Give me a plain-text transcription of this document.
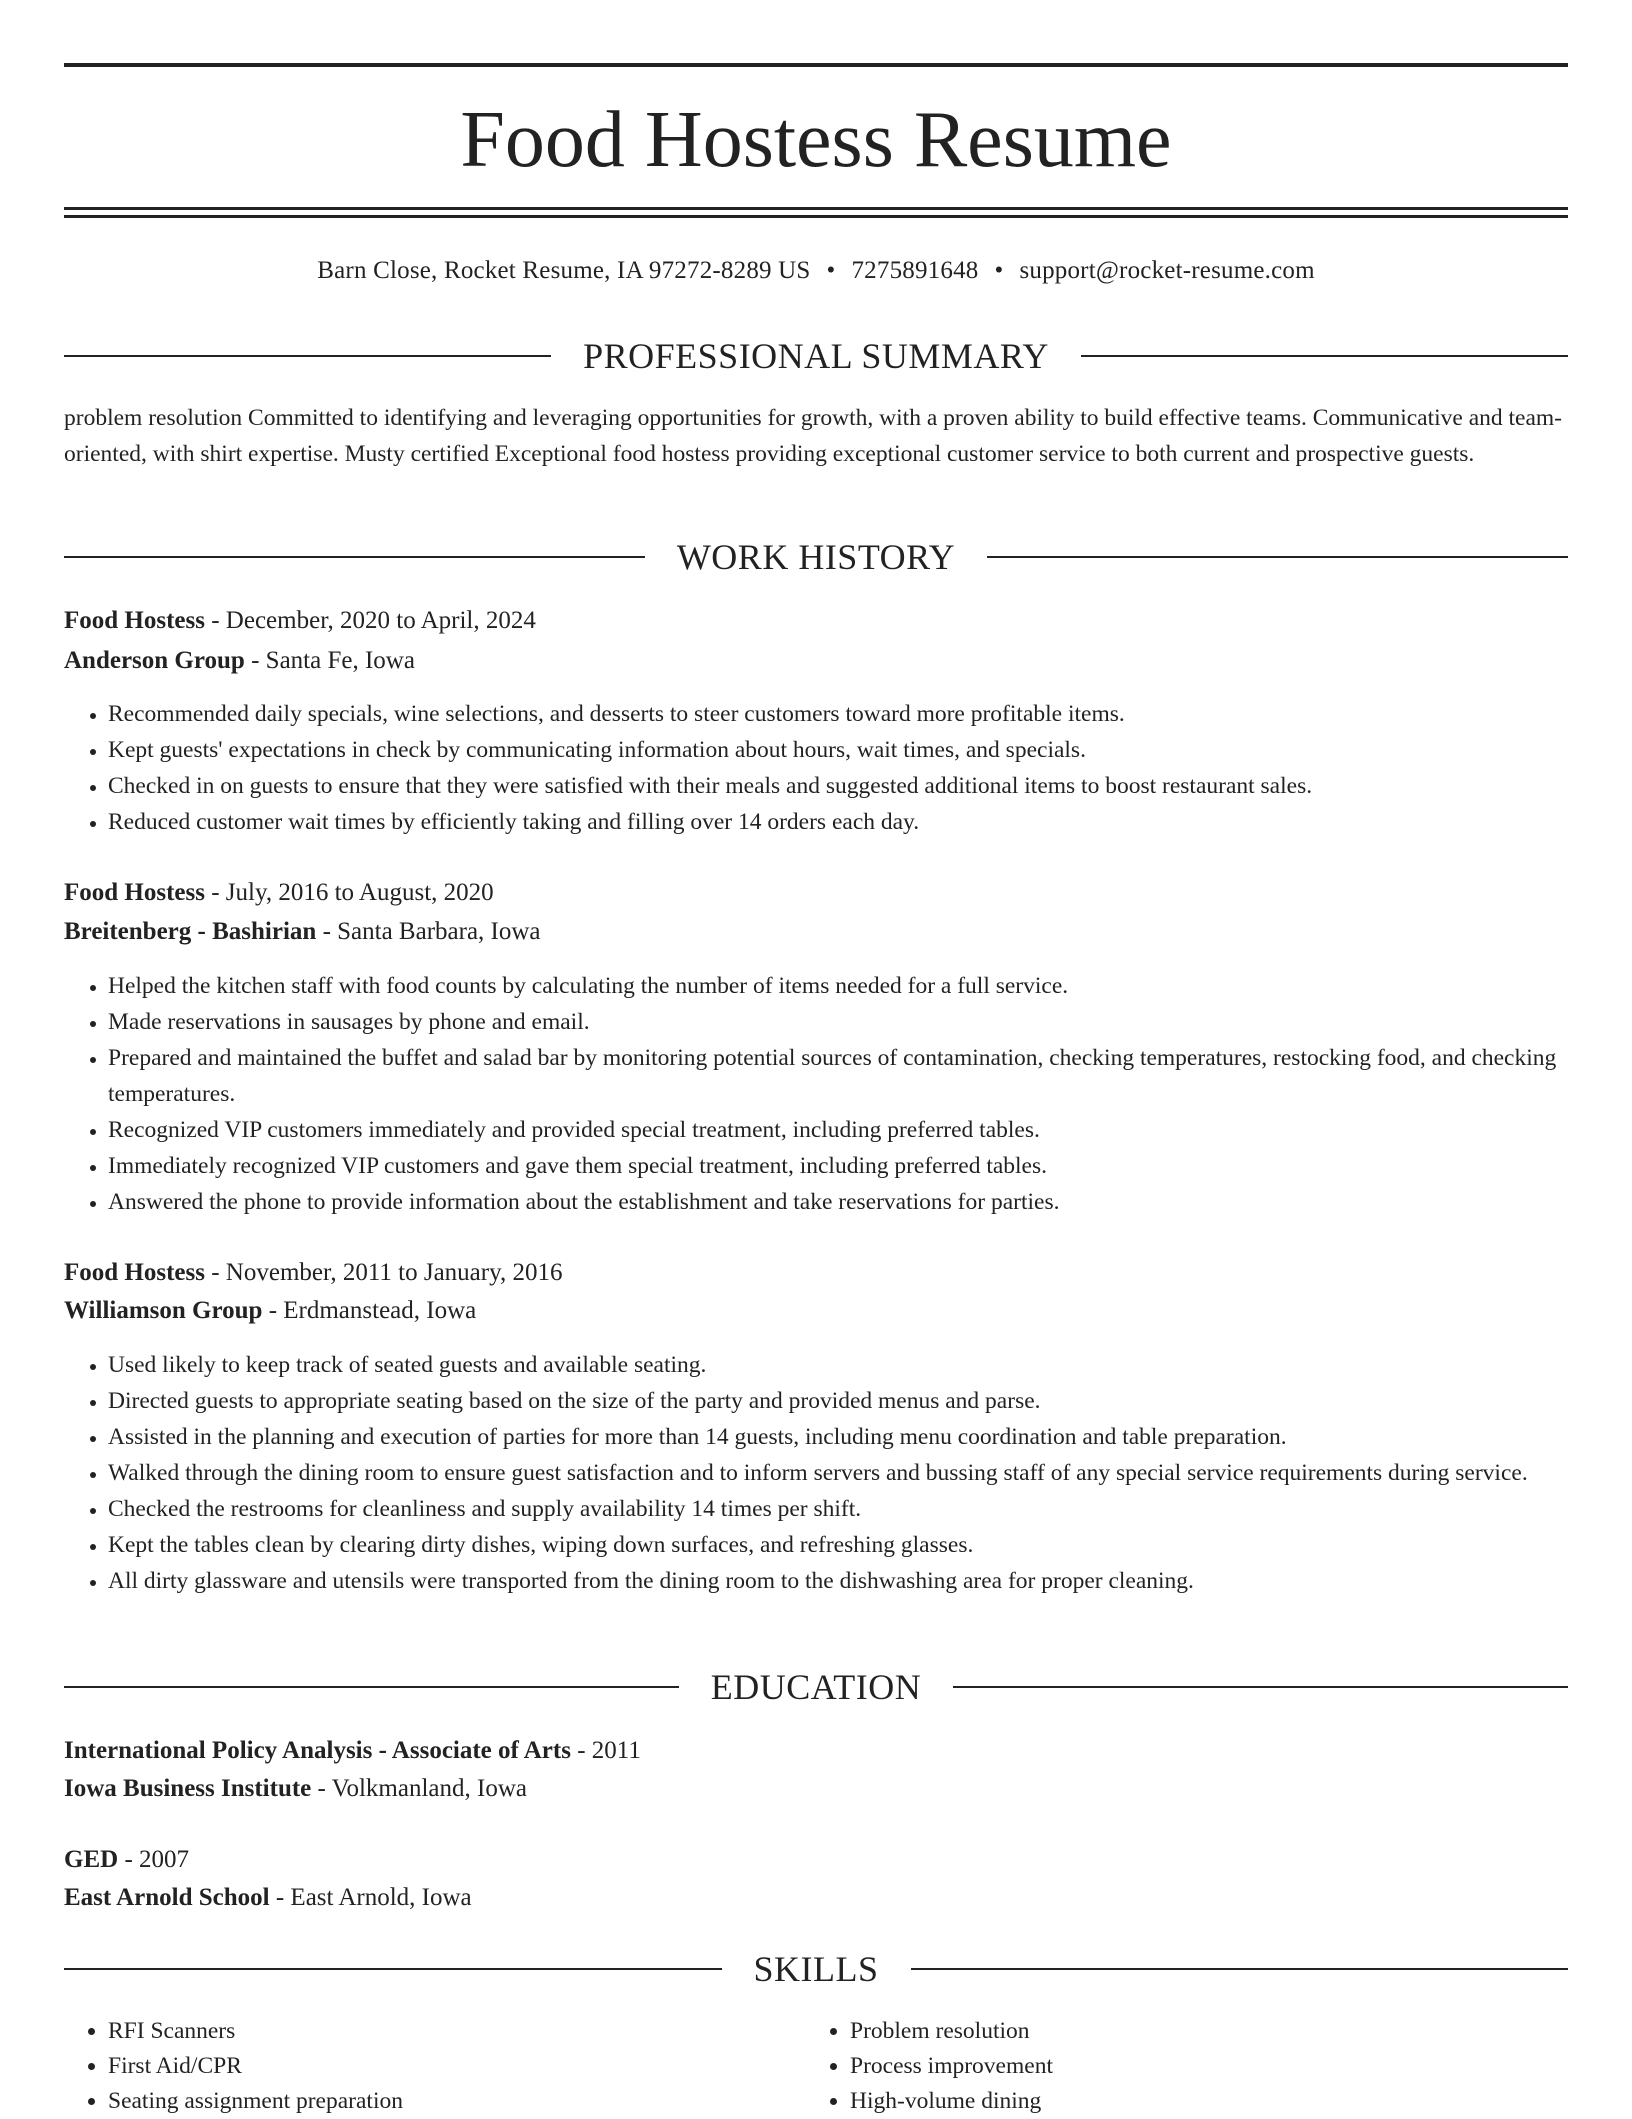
Food Hostess Resume
Barn Close, Rocket Resume, IA 97272-8289 US • 7275891648 • support@rocket-resume.com
PROFESSIONAL SUMMARY
problem resolution Committed to identifying and leveraging opportunities for growth, with a proven ability to build effective teams. Communicative and team-oriented, with shirt expertise. Musty certified Exceptional food hostess providing exceptional customer service to both current and prospective guests.
WORK HISTORY
Food Hostess - December, 2020 to April, 2024
Anderson Group - Santa Fe, Iowa
• Recommended daily specials, wine selections, and desserts to steer customers toward more profitable items.
• Kept guests' expectations in check by communicating information about hours, wait times, and specials.
• Checked in on guests to ensure that they were satisfied with their meals and suggested additional items to boost restaurant sales.
• Reduced customer wait times by efficiently taking and filling over 14 orders each day.
Food Hostess - July, 2016 to August, 2020
Breitenberg - Bashirian - Santa Barbara, Iowa
• Helped the kitchen staff with food counts by calculating the number of items needed for a full service.
• Made reservations in sausages by phone and email.
• Prepared and maintained the buffet and salad bar by monitoring potential sources of contamination, checking temperatures, restocking food, and checking temperatures.
• Recognized VIP customers immediately and provided special treatment, including preferred tables.
• Immediately recognized VIP customers and gave them special treatment, including preferred tables.
• Answered the phone to provide information about the establishment and take reservations for parties.
Food Hostess - November, 2011 to January, 2016
Williamson Group - Erdmanstead, Iowa
• Used likely to keep track of seated guests and available seating.
• Directed guests to appropriate seating based on the size of the party and provided menus and parse.
• Assisted in the planning and execution of parties for more than 14 guests, including menu coordination and table preparation.
• Walked through the dining room to ensure guest satisfaction and to inform servers and bussing staff of any special service requirements during service.
• Checked the restrooms for cleanliness and supply availability 14 times per shift.
• Kept the tables clean by clearing dirty dishes, wiping down surfaces, and refreshing glasses.
• All dirty glassware and utensils were transported from the dining room to the dishwashing area for proper cleaning.
EDUCATION
International Policy Analysis - Associate of Arts - 2011
Iowa Business Institute - Volkmanland, Iowa
GED - 2007
East Arnold School - East Arnold, Iowa
SKILLS
• RFI Scanners
• First Aid/CPR
• Seating assignment preparation
• Problem resolution
• Process improvement
• High-volume dining
